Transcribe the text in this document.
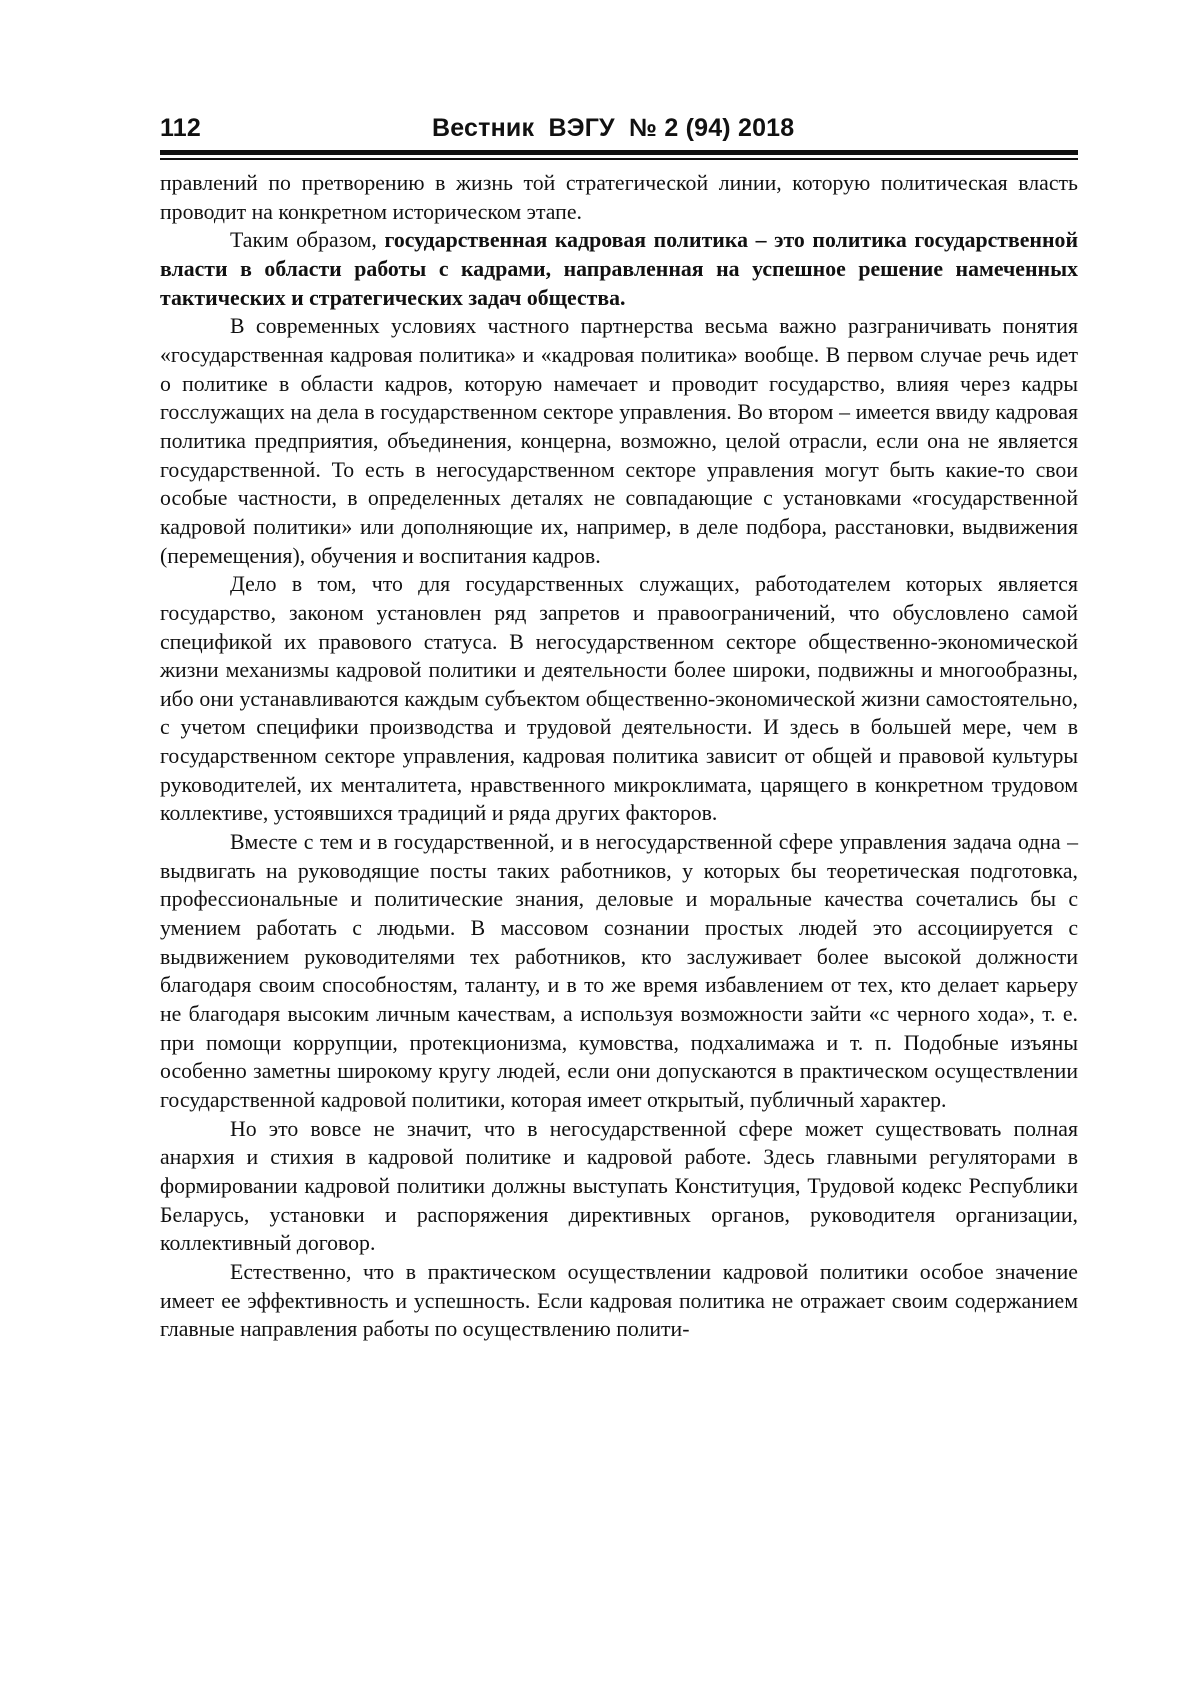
112	Вестник  ВЭГУ  № 2 (94) 2018

правлений по претворению в жизнь той стратегической линии, которую политическая власть проводит на конкретном историческом этапе.

Таким образом, государственная кадровая политика – это политика государственной власти в области работы с кадрами, направленная на успешное решение намеченных тактических и стратегических задач общества.

В современных условиях частного партнерства весьма важно разграничивать понятия «государственная кадровая политика» и «кадровая политика» вообще. В первом случае речь идет о политике в области кадров, которую намечает и проводит государство, влияя через кадры госслужащих на дела в государственном секторе управления. Во втором – имеется ввиду кадровая политика предприятия, объединения, концерна, возможно, целой отрасли, если она не является государственной. То есть в негосударственном секторе управления могут быть какие-то свои особые частности, в определенных деталях не совпадающие с установками «государственной кадровой политики» или дополняющие их, например, в деле подбора, расстановки, выдвижения (перемещения), обучения и воспитания кадров.

Дело в том, что для государственных служащих, работодателем которых является государство, законом установлен ряд запретов и правоограничений, что обусловлено самой спецификой их правового статуса. В негосударственном секторе общественно-экономической жизни механизмы кадровой политики и деятельности более широки, подвижны и многообразны, ибо они устанавливаются каждым субъектом общественно-экономической жизни самостоятельно, с учетом специфики производства и трудовой деятельности. И здесь в большей мере, чем в государственном секторе управления, кадровая политика зависит от общей и правовой культуры руководителей, их менталитета, нравственного микроклимата, царящего в конкретном трудовом коллективе, устоявшихся традиций и ряда других факторов.

Вместе с тем и в государственной, и в негосударственной сфере управления задача одна – выдвигать на руководящие посты таких работников, у которых бы теоретическая подготовка, профессиональные и политические знания, деловые и моральные качества сочетались бы с умением работать с людьми. В массовом сознании простых людей это ассоциируется с выдвижением руководителями тех работников, кто заслуживает более высокой должности благодаря своим способностям, таланту, и в то же время избавлением от тех, кто делает карьеру не благодаря высоким личным качествам, а используя возможности зайти «с черного хода», т. е. при помощи коррупции, протекционизма, кумовства, подхалимажа и т. п. Подобные изъяны особенно заметны широкому кругу людей, если они допускаются в практическом осуществлении государственной кадровой политики, которая имеет открытый, публичный характер.

Но это вовсе не значит, что в негосударственной сфере может существовать полная анархия и стихия в кадровой политике и кадровой работе. Здесь главными регуляторами в формировании кадровой политики должны выступать Конституция, Трудовой кодекс Республики Беларусь, установки и распоряжения директивных органов, руководителя организации, коллективный договор.

Естественно, что в практическом осуществлении кадровой политики особое значение имеет ее эффективность и успешность. Если кадровая политика не отражает своим содержанием главные направления работы по осуществлению полити-
